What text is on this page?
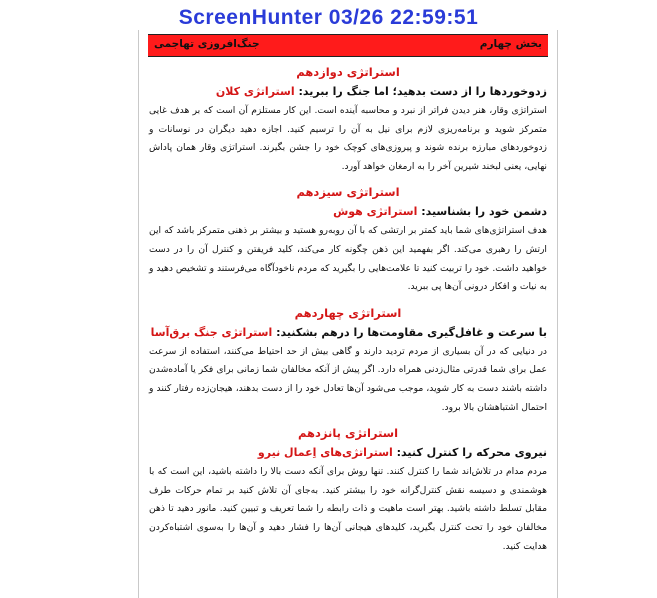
ScreenHunter 03/26 22:59:51
بخش چهارم
جنگ‌افروزی تهاجمی
استراتژی دوازدهم
زدوخوردها را از دست بدهید؛ اما جنگ را ببرید: استراتژی کلان

استراتژی وقار، هنر دیدن فراتر از نبرد و محاسبه آینده است. این کار مستلزم آن است که بر هدف غایی متمرکز شوید و برنامه‌ریزی لازم برای نیل به آن را ترسیم کنید. اجازه دهید دیگران در نوسانات و زدوخوردهای مبارزه برنده شوند و پیروزی‌های کوچک خود را جشن بگیرند. استراتژی وقار همان پاداش نهایی، یعنی لبخند شیرین آخر را به ارمغان خواهد آورد.

استراتژی سیزدهم
دشمن خود را بشناسید: استراتژی هوش

هدف استراتژی‌های شما باید کمتر بر ارتشی که با آن روبه‌رو هستید و بیشتر بر ذهنی متمرکز باشد که این ارتش را رهبری می‌کند. اگر بفهمید این ذهن چگونه کار می‌کند، کلید فریفتن و کنترل آن را در دست خواهید داشت. خود را تربیت کنید تا علامت‌هایی را بگیرید که مردم ناخودآگاه می‌فرستند و تشخیص دهید و به نیات و افکار درونی آن‌ها پی ببرید.

استراتژی چهاردهم
با سرعت و غافل‌گیری مقاومت‌ها را درهم بشکنید: استراتژی جنگ برق‌آسا

در دنیایی که در آن بسیاری از مردم تردید دارند و گاهی بیش از حد احتیاط می‌کنند، استفاده از سرعت عمل برای شما قدرتی مثال‌زدنی همراه دارد. اگر پیش از آنکه مخالفان شما زمانی برای فکر یا آماده‌شدن داشته باشند دست به کار شوید، موجب می‌شود آن‌ها تعادل خود را از دست بدهند، هیجان‌زده رفتار کنند و احتمال اشتباهشان بالا برود.

استراتژی پانزدهم
نیروی محرکه را کنترل کنید: استراتژی‌های اِعمال نیرو

مردم مدام در تلاش‌اند شما را کنترل کنند. تنها روش برای آنکه دست بالا را داشته باشید، این است که با هوشمندی و دسیسه نقش کنترل‌گرانه خود را بیشتر کنید. به‌جای آن تلاش کنید بر تمام حرکات طرف مقابل تسلط داشته باشید. بهتر است ماهیت و ذات رابطه را شما تعریف و تبیین کنید. مانور دهید تا ذهن مخالفان خود را تحت کنترل بگیرید، کلیدهای هیجانی آن‌ها را فشار دهید و آن‌ها را به‌سوی اشتباه‌کردن هدایت کنید.
